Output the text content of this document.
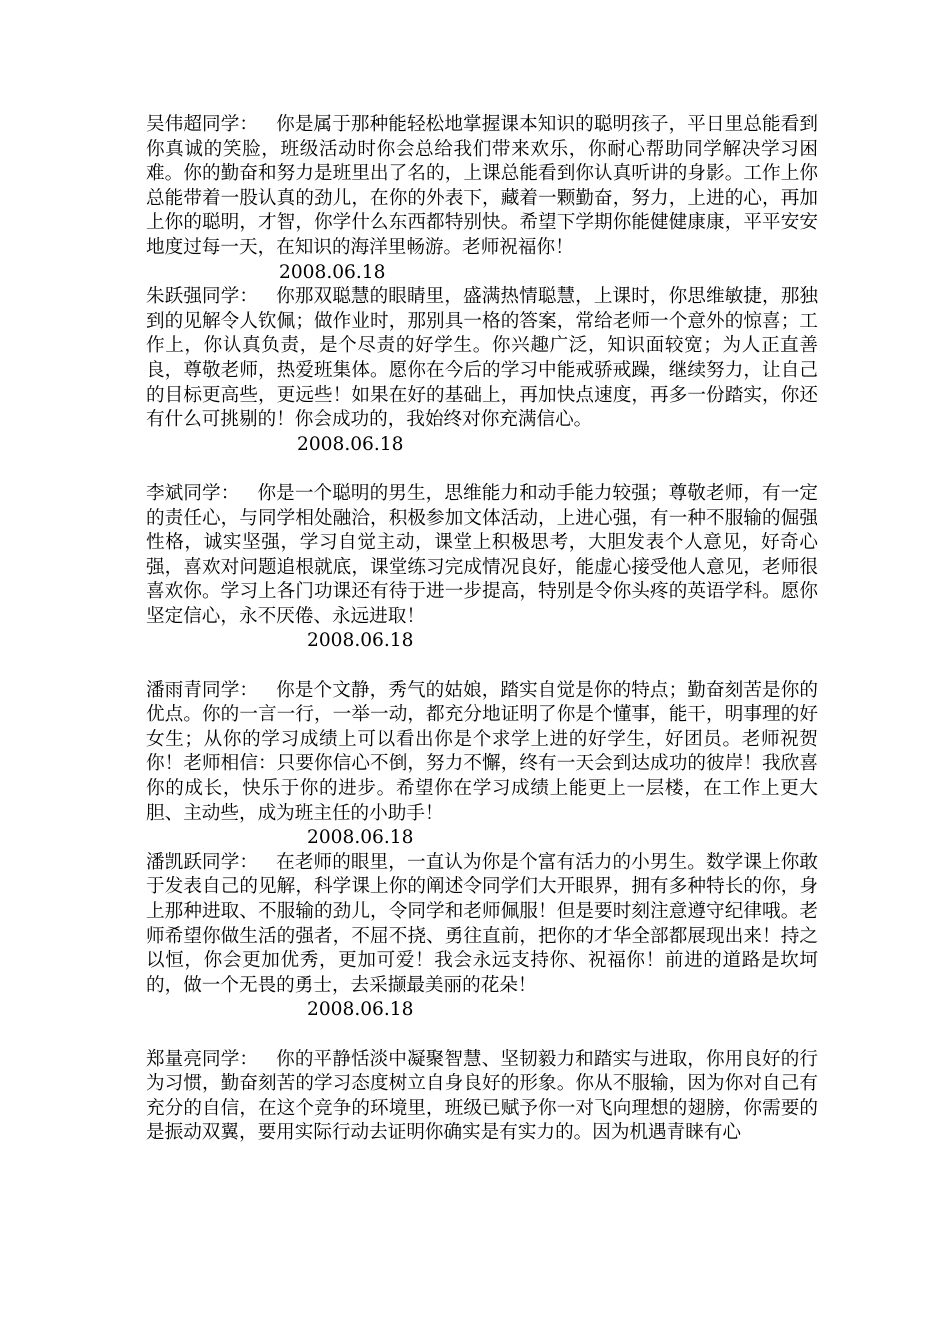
吴伟超同学： 你是属于那种能轻松地掌握课本知识的聪明孩子，平日里总能看到你真诚的笑脸，班级活动时你会总给我们带来欢乐，你耐心帮助同学解决学习困难。你的勤奋和努力是班里出了名的，上课总能看到你认真听讲的身影。工作上你总能带着一股认真的劲儿，在你的外表下，藏着一颗勤奋，努力，上进的心，再加上你的聪明，才智，你学什么东西都特别快。希望下学期你能健健康康，平平安安地度过每一天，在知识的海洋里畅游。老师祝福你！

2008.06.18

朱跃强同学： 你那双聪慧的眼睛里，盛满热情聪慧，上课时，你思维敏捷，那独到的见解令人钦佩；做作业时，那别具一格的答案，常给老师一个意外的惊喜；工作上，你认真负责，是个尽责的好学生。你兴趣广泛，知识面较宽；为人正直善良，尊敬老师，热爱班集体。愿你在今后的学习中能戒骄戒躁，继续努力，让自己的目标更高些，更远些！如果在好的基础上，再加快点速度，再多一份踏实，你还有什么可挑剔的！你会成功的，我始终对你充满信心。

2008.06.18

李斌同学： 你是一个聪明的男生，思维能力和动手能力较强；尊敬老师，有一定的责任心，与同学相处融洽，积极参加文体活动，上进心强，有一种不服输的倔强性格，诚实坚强，学习自觉主动，课堂上积极思考，大胆发表个人意见，好奇心强，喜欢对问题追根就底，课堂练习完成情况良好，能虚心接受他人意见，老师很喜欢你。学习上各门功课还有待于进一步提高，特别是令你头疼的英语学科。愿你坚定信心，永不厌倦、永远进取！

2008.06.18

潘雨青同学： 你是个文静，秀气的姑娘，踏实自觉是你的特点；勤奋刻苦是你的优点。你的一言一行，一举一动，都充分地证明了你是个懂事，能干，明事理的好女生；从你的学习成绩上可以看出你是个求学上进的好学生，好团员。老师祝贺你！老师相信：只要你信心不倒，努力不懈，终有一天会到达成功的彼岸！我欣喜你的成长，快乐于你的进步。希望你在学习成绩上能更上一层楼，在工作上更大胆、主动些，成为班主任的小助手！

2008.06.18

潘凯跃同学： 在老师的眼里，一直认为你是个富有活力的小男生。数学课上你敢于发表自己的见解，科学课上你的阐述令同学们大开眼界，拥有多种特长的你，身上那种进取、不服输的劲儿，令同学和老师佩服！但是要时刻注意遵守纪律哦。老师希望你做生活的强者，不屈不挠、勇往直前，把你的才华全部都展现出来！持之以恒，你会更加优秀，更加可爱！我会永远支持你、祝福你！前进的道路是坎坷的，做一个无畏的勇士，去采撷最美丽的花朵！

2008.06.18

郑量亮同学： 你的平静恬淡中凝聚智慧、坚韧毅力和踏实与进取，你用良好的行为习惯，勤奋刻苦的学习态度树立自身良好的形象。你从不服输，因为你对自己有充分的自信，在这个竞争的环境里，班级已赋予你一对飞向理想的翅膀，你需要的是振动双翼，要用实际行动去证明你确实是有实力的。因为机遇青睐有心
